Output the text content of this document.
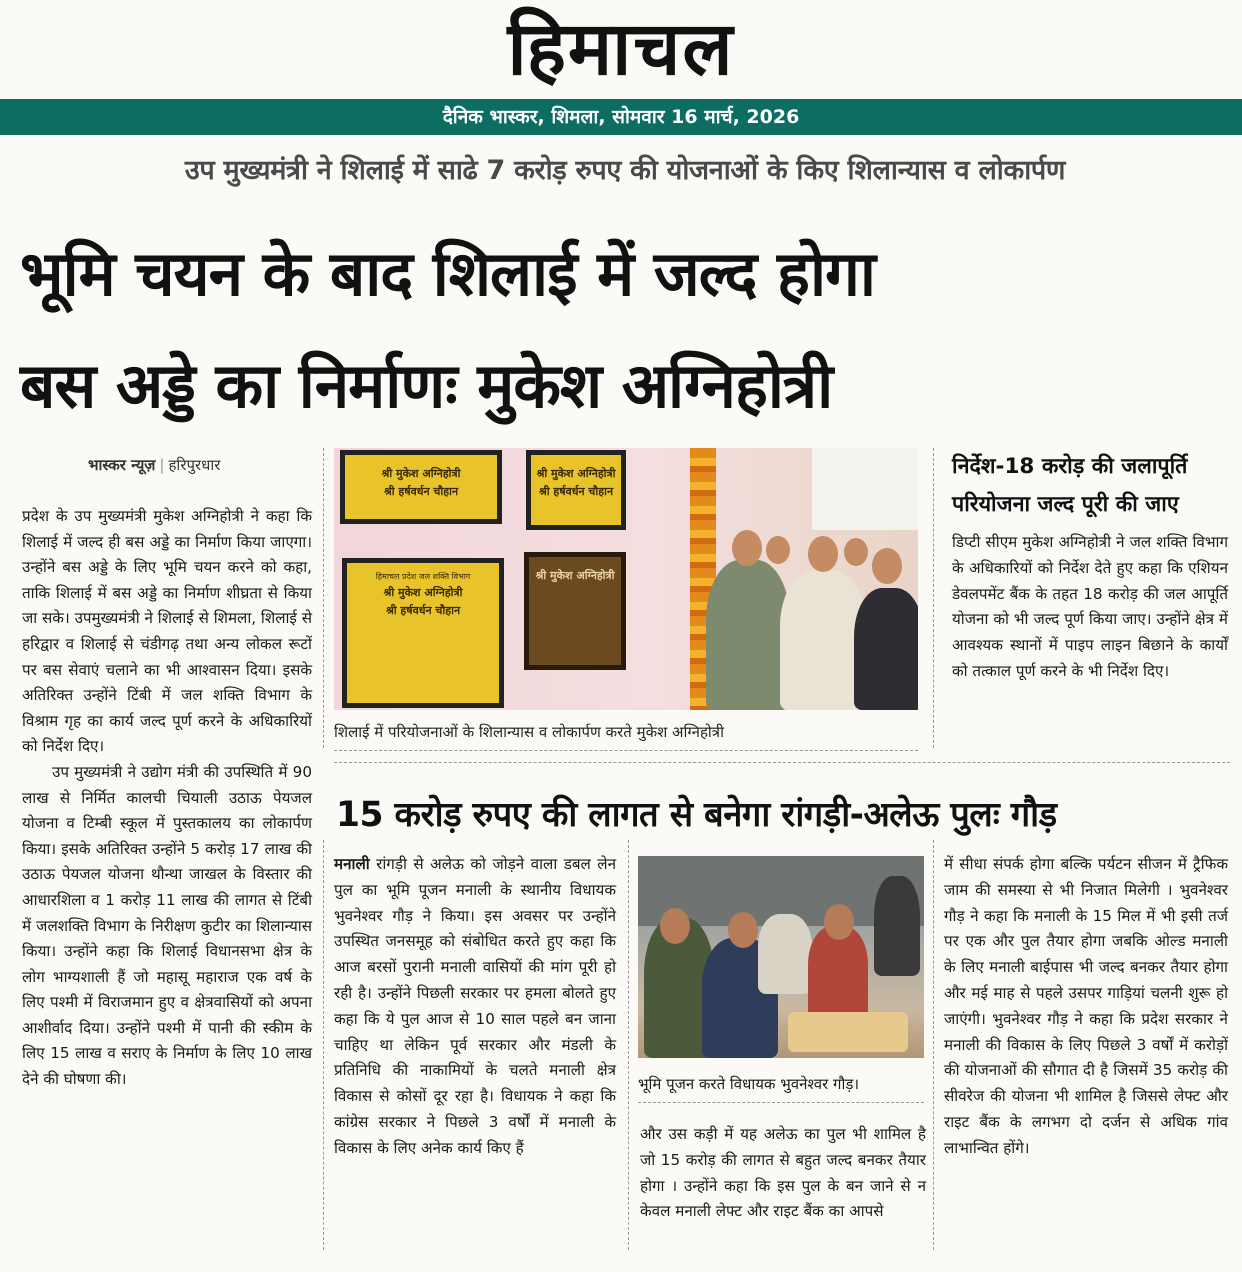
हिमाचल
दैनिक भास्कर, शिमला, सोमवार 16 मार्च, 2026
उप मुख्यमंत्री ने शिलाई में साढे 7 करोड़ रुपए की योजनाओं के किए शिलान्यास व लोकार्पण
भूमि चयन के बाद शिलाई में जल्द होगा
बस अड्डे का निर्माणः मुकेश अग्निहोत्री
भास्कर न्यूज़ | हरिपुरधार

प्रदेश के उप मुख्यमंत्री मुकेश अग्निहोत्री ने कहा कि शिलाई में जल्द ही बस अड्डे का निर्माण किया जाएगा। उन्होंने बस अड्डे के लिए भूमि चयन करने को कहा, ताकि शिलाई में बस अड्डे का निर्माण शीघ्रता से किया जा सके। उपमुख्यमंत्री ने शिलाई से शिमला, शिलाई से हरिद्वार व शिलाई से चंडीगढ़ तथा अन्य लोकल रूटों पर बस सेवाएं चलाने का भी आश्वासन दिया। इसके अतिरिक्त उन्होंने टिंबी में जल शक्ति विभाग के विश्राम गृह का कार्य जल्द पूर्ण करने के अधिकारियों को निर्देश दिए।

उप मुख्यमंत्री ने उद्योग मंत्री की उपस्थिति में 90 लाख से निर्मित कालची चियाली उठाऊ पेयजल योजना व टिम्बी स्कूल में पुस्तकालय का लोकार्पण किया। इसके अतिरिक्त उन्होंने 5 करोड़ 17 लाख की उठाऊ पेयजल योजना थौन्था जाखल के विस्तार की आधारशिला व 1 करोड़ 11 लाख की लागत से टिंबी में जलशक्ति विभाग के निरीक्षण कुटीर का शिलान्यास किया। उन्होंने कहा कि शिलाई विधानसभा क्षेत्र के लोग भाग्यशाली हैं जो महासू महाराज एक वर्ष के लिए पश्मी में विराजमान हुए व क्षेत्रवासियों को अपना आशीर्वाद दिया। उन्होंने पश्मी में पानी की स्कीम के लिए 15 लाख व सराए के निर्माण के लिए 10 लाख देने की घोषणा की।

श्री मुकेश अग्निहोत्री
श्री हर्षवर्धन चौहान
श्री मुकेश अग्निहोत्री
श्री हर्षवर्धन चौहान
हिमाचल प्रदेश जल शक्ति विभाग
श्री मुकेश अग्निहोत्री
श्री हर्षवर्धन चौहान
श्री मुकेश अग्निहोत्री
शिलाई में परियोजनाओं के शिलान्यास व लोकार्पण करते मुकेश अग्निहोत्री
निर्देश-18 करोड़ की जलापूर्ति परियोजना जल्द पूरी की जाए

डिप्टी सीएम मुकेश अग्निहोत्री ने जल शक्ति विभाग के अधिकारियों को निर्देश देते हुए कहा कि एशियन डेवलपमेंट बैंक के तहत 18 करोड़ की जल आपूर्ति योजना को भी जल्द पूर्ण किया जाए। उन्होंने क्षेत्र में आवश्यक स्थानों में पाइप लाइन बिछाने के कार्यों को तत्काल पूर्ण करने के भी निर्देश दिए।

15 करोड़ रुपए की लागत से बनेगा रांगड़ी-अलेऊ पुलः गौड़

मनाली रांगड़ी से अलेऊ को जोड़ने वाला डबल लेन पुल का भूमि पूजन मनाली के स्थानीय विधायक भुवनेश्वर गौड़ ने किया। इस अवसर पर उन्होंने उपस्थित जनसमूह को संबोधित करते हुए कहा कि आज बरसों पुरानी मनाली वासियों की मांग पूरी हो रही है। उन्होंने पिछली सरकार पर हमला बोलते हुए कहा कि ये पुल आज से 10 साल पहले बन जाना चाहिए था लेकिन पूर्व सरकार और मंडली के प्रतिनिधि की नाकामियों के चलते मनाली क्षेत्र विकास से कोसों दूर रहा है। विधायक ने कहा कि कांग्रेस सरकार ने पिछले 3 वर्षों में मनाली के विकास के लिए अनेक कार्य किए हैं

भूमि पूजन करते विधायक भुवनेश्वर गौड़।

और उस कड़ी में यह अलेऊ का पुल भी शामिल है जो 15 करोड़ की लागत से बहुत जल्द बनकर तैयार होगा । उन्होंने कहा कि इस पुल के बन जाने से न केवल मनाली लेफ्ट और राइट बैंक का आपसे

में सीधा संपर्क होगा बल्कि पर्यटन सीजन में ट्रैफिक जाम की समस्या से भी निजात मिलेगी । भुवनेश्वर गौड़ ने कहा कि मनाली के 15 मिल में भी इसी तर्ज पर एक और पुल तैयार होगा जबकि ओल्ड मनाली के लिए मनाली बाईपास भी जल्द बनकर तैयार होगा और मई माह से पहले उसपर गाड़ियां चलनी शुरू हो जाएंगी। भुवनेश्वर गौड़ ने कहा कि प्रदेश सरकार ने मनाली की विकास के लिए पिछले 3 वर्षों में करोड़ों की योजनाओं की सौगात दी है जिसमें 35 करोड़ की सीवरेज की योजना भी शामिल है जिससे लेफ्ट और राइट बैंक के लगभग दो दर्जन से अधिक गांव लाभान्वित होंगे।
